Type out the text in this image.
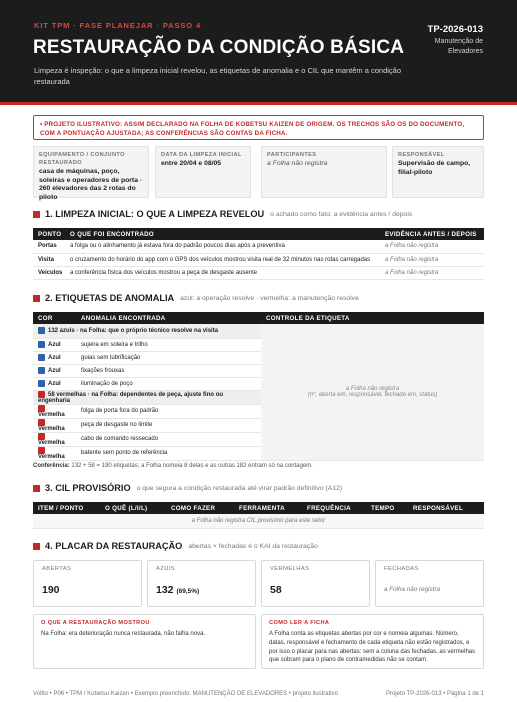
KIT TPM · FASE PLANEJAR · PASSO 4
RESTAURAÇÃO DA CONDIÇÃO BÁSICA
Limpeza é inspeção: o que a limpeza inicial revelou, as etiquetas de anomalia e o CIL que mantêm a condição restaurada
TP-2026-013
Manutenção de Elevadores
• PROJETO ILUSTRATIVO: ASSIM DECLARADO NA FOLHA DE KOBETSU KAIZEN DE ORIGEM. OS TRECHOS SÃO OS DO DOCUMENTO, COM A PONTUAÇÃO AJUSTADA; AS CONFERÊNCIAS SÃO CONTAS DA FICHA.
EQUIPAMENTO / CONJUNTO RESTAURADO
casa de máquinas, poço, soleiras e operadores de porta · 260 elevadores das 2 rotas do piloto
DATA DA LIMPEZA INICIAL
entre 20/04 e 08/05
PARTICIPANTES
a Folha não registra
RESPONSÁVEL
Supervisão de campo, filial-piloto
1. LIMPEZA INICIAL: O QUE A LIMPEZA REVELOU o achado como fato; a evidência antes / depois
PONTO	O QUE FOI ENCONTRADO	EVIDÊNCIA ANTES / DEPOIS
Portas	a folga ou o alinhamento já estava fora do padrão poucos dias após a preventiva	a Folha não registra
Visita	o cruzamento do horário do app com o GPS dos veículos mostrou visita real de 32 minutos nas rotas carregadas	a Folha não registra
Veículos	a conferência física dos veículos mostrou a peça de desgaste ausente	a Folha não registra
2. ETIQUETAS DE ANOMALIA azul: a operação resolve · vermelha: a manutenção resolve
COR	ANOMALIA ENCONTRADA	CONTROLE DA ETIQUETA
132 azuis · na Folha: que o próprio técnico resolve na visita		a Folha não registra
(nº, aberta em, responsável, fechada em, status)

Azul	sujeira em soleira e trilho	
Azul	guias sem lubrificação	
Azul	fixações frouxas	
Azul	iluminação de poço	
58 vermelhas · na Folha: dependentes de peça, ajuste fino ou engenharia		
Vermelha	folga de porta fora do padrão	
Vermelha	peça de desgaste no limite	
Vermelha	cabo de comando ressecado	
Vermelha	batente sem ponto de referência	
Conferência: 132 + 58 = 190 etiquetas; a Folha nomeia 8 delas e as outras 182 entram só na contagem.
3. CIL PROVISÓRIO o que segura a condição restaurada até virar padrão definitivo (A12)
ITEM / PONTO	O QUÊ (L/I/L)	COMO FAZER	FERRAMENTA	FREQUÊNCIA	TEMPO	RESPONSÁVEL
a Folha não registra CIL provisório para este setor
4. PLACAR DA RESTAURAÇÃO abertas × fechadas é o KAI da restauração
ABERTAS
190
AZUIS
132 (69,5%)
VERMELHAS
58
FECHADAS
a Folha não registra
O QUE A RESTAURAÇÃO MOSTROU
Na Folha: era deterioração nunca restaurada, não falha nova.
COMO LER A FICHA
A Folha conta as etiquetas abertas por cor e nomeia algumas. Número, datas, responsável e fechamento de cada etiqueta não estão registrados, e por isso o placar para nas abertas: sem a coluna das fechadas, as vermelhas que sobram para o plano de contramedidas não se contam.
Voltto • P06 • TPM / Kobetsu Kaizen • Exemplo preenchido: MANUTENÇÃO DE ELEVADORES • projeto ilustrativo	Projeto TP-2026-013 • Página 1 de 1
